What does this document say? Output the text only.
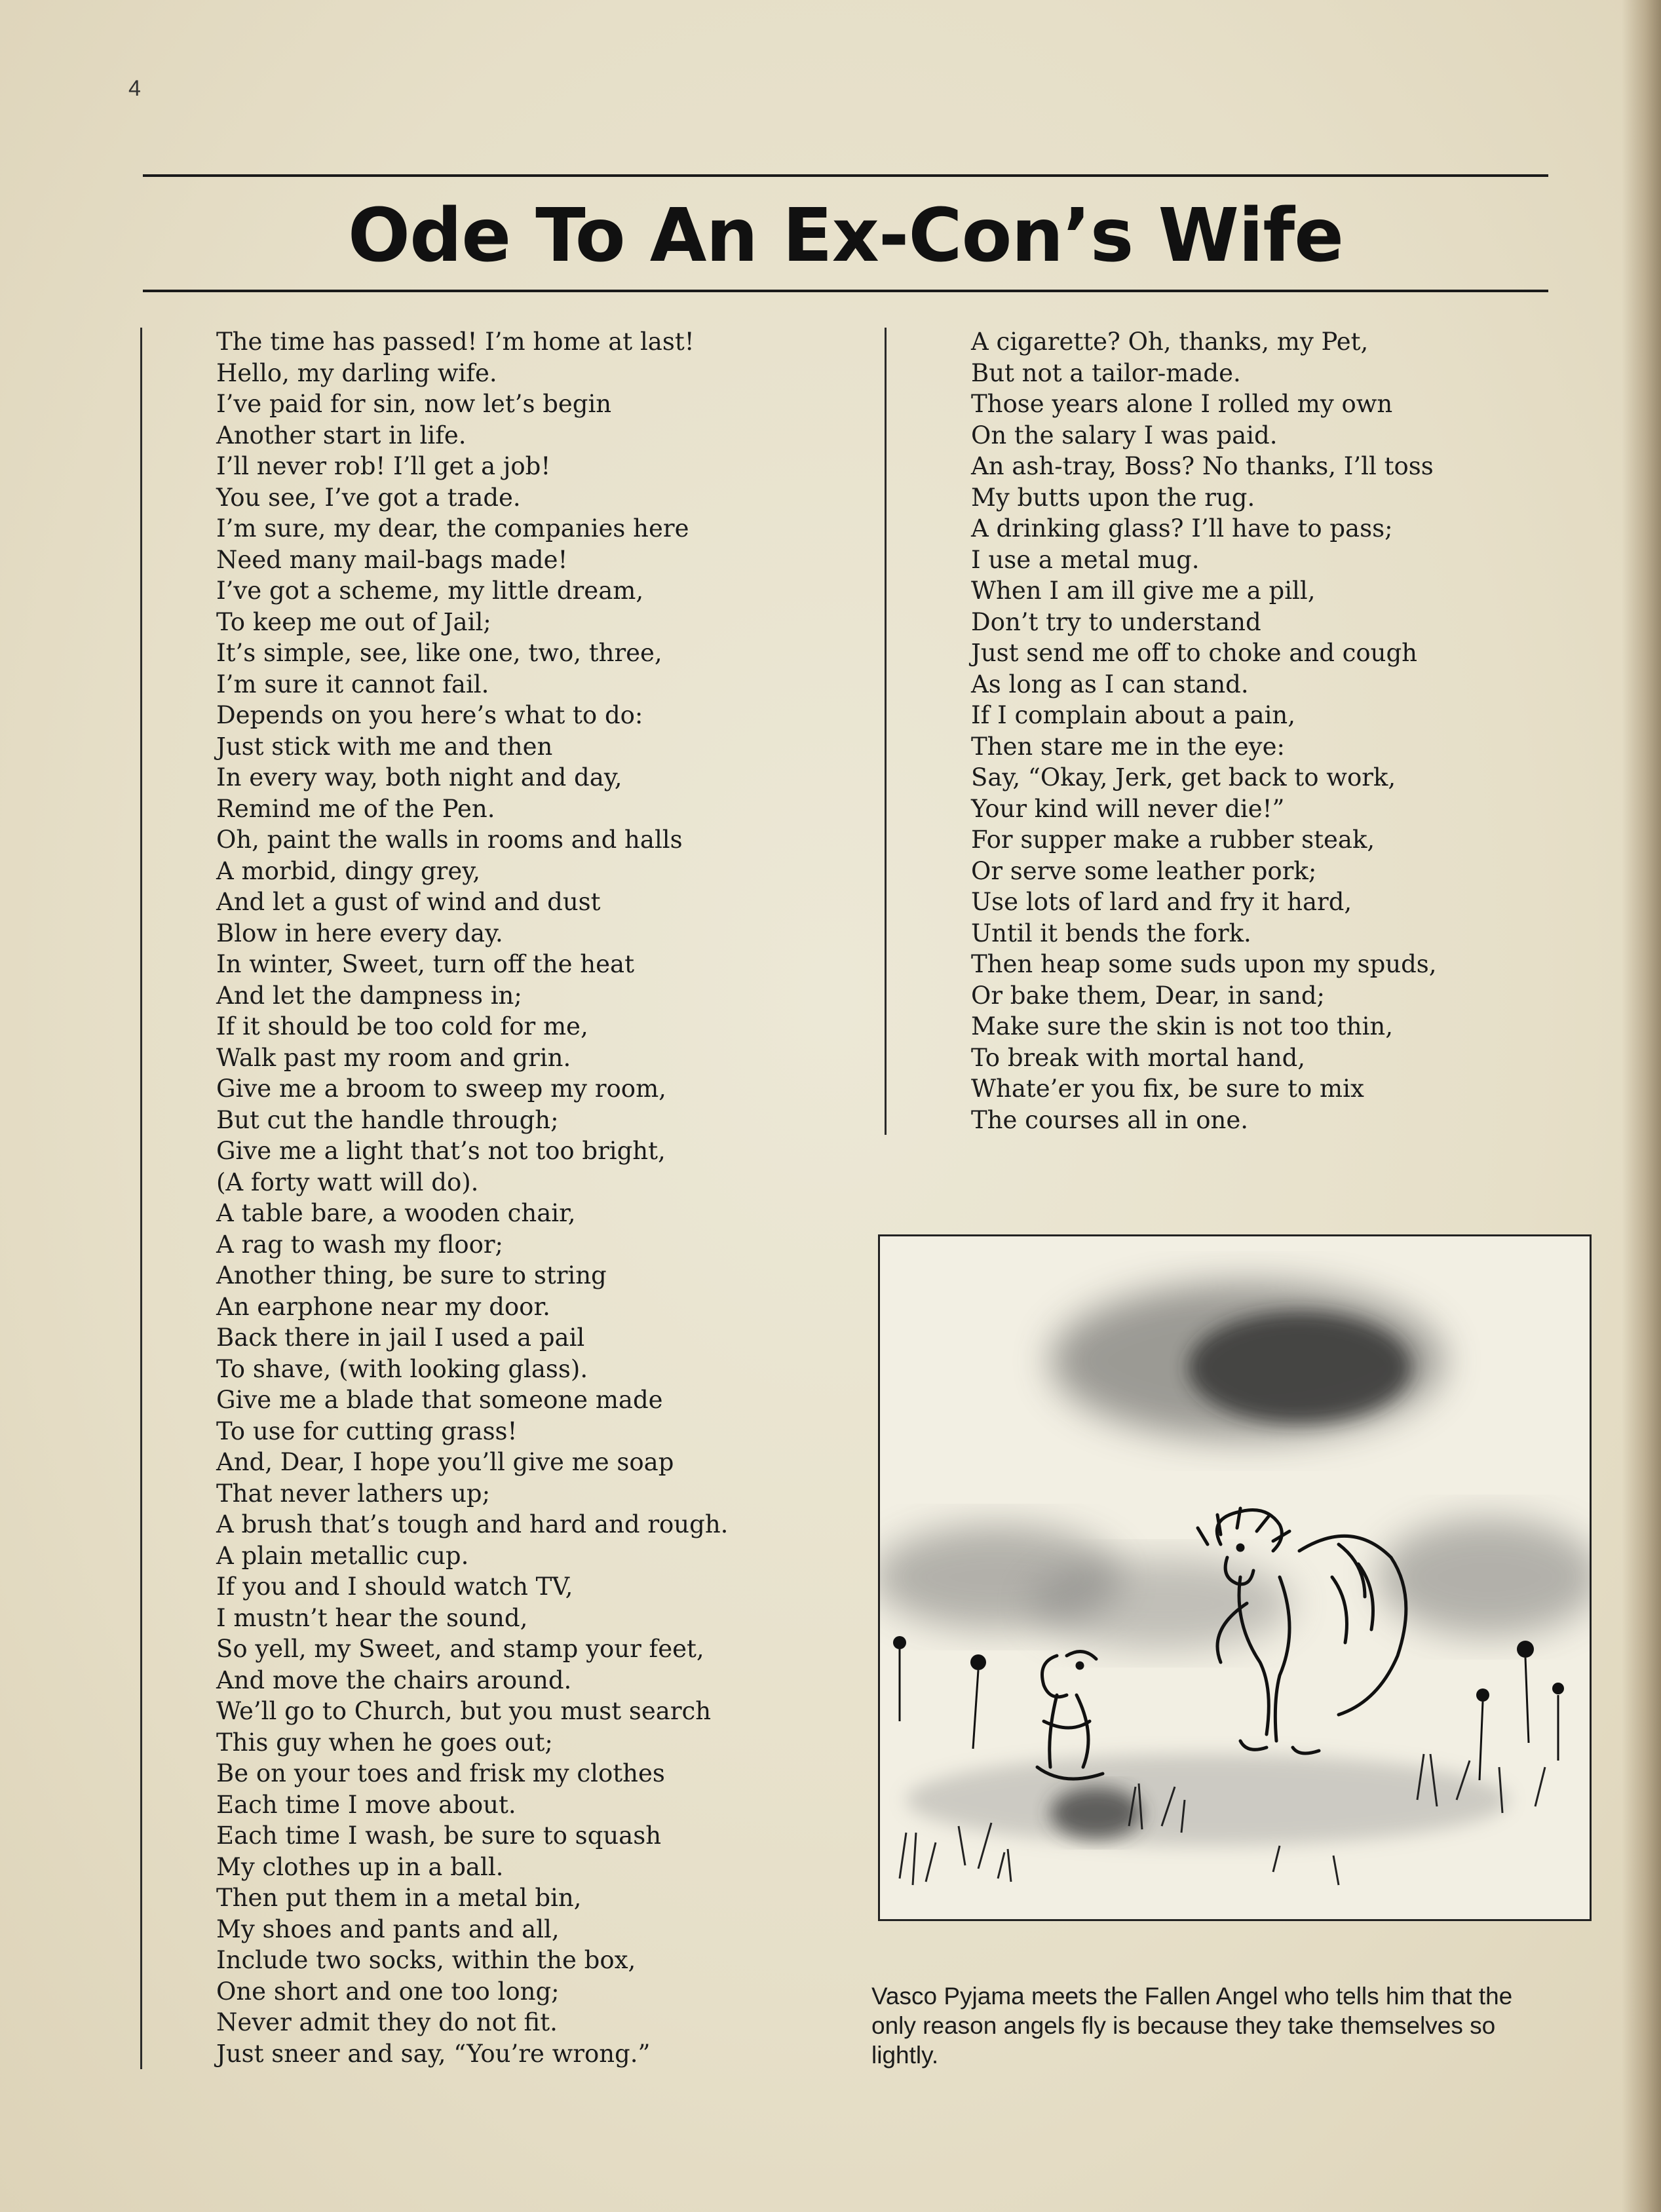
4
Ode To An Ex-Con’s Wife
The time has passed! I’m home at last!
Hello, my darling wife.
I’ve paid for sin, now let’s begin
Another start in life.
I’ll never rob! I’ll get a job!
You see, I’ve got a trade.
I’m sure, my dear, the companies here
Need many mail-bags made!
I’ve got a scheme, my little dream,
To keep me out of Jail;
It’s simple, see, like one, two, three,
I’m sure it cannot fail.
Depends on you here’s what to do:
Just stick with me and then
In every way, both night and day,
Remind me of the Pen.
Oh, paint the walls in rooms and halls
A morbid, dingy grey,
And let a gust of wind and dust
Blow in here every day.
In winter, Sweet, turn off the heat
And let the dampness in;
If it should be too cold for me,
Walk past my room and grin.
Give me a broom to sweep my room,
But cut the handle through;
Give me a light that’s not too bright,
(A forty watt will do).
A table bare, a wooden chair,
A rag to wash my floor;
Another thing, be sure to string
An earphone near my door.
Back there in jail I used a pail
To shave, (with looking glass).
Give me a blade that someone made
To use for cutting grass!
And, Dear, I hope you’ll give me soap
That never lathers up;
A brush that’s tough and hard and rough.
A plain metallic cup.
If you and I should watch TV,
I mustn’t hear the sound,
So yell, my Sweet, and stamp your feet,
And move the chairs around.
We’ll go to Church, but you must search
This guy when he goes out;
Be on your toes and frisk my clothes
Each time I move about.
Each time I wash, be sure to squash
My clothes up in a ball.
Then put them in a metal bin,
My shoes and pants and all,
Include two socks, within the box,
One short and one too long;
Never admit they do not fit.
Just sneer and say, “You’re wrong.”
A cigarette? Oh, thanks, my Pet,
But not a tailor-made.
Those years alone I rolled my own
On the salary I was paid.
An ash-tray, Boss? No thanks, I’ll toss
My butts upon the rug.
A drinking glass? I’ll have to pass;
I use a metal mug.
When I am ill give me a pill,
Don’t try to understand
Just send me off to choke and cough
As long as I can stand.
If I complain about a pain,
Then stare me in the eye:
Say, “Okay, Jerk, get back to work,
Your kind will never die!”
For supper make a rubber steak,
Or serve some leather pork;
Use lots of lard and fry it hard,
Until it bends the fork.
Then heap some suds upon my spuds,
Or bake them, Dear, in sand;
Make sure the skin is not too thin,
To break with mortal hand,
Whate’er you fix, be sure to mix
The courses all in one.

Vasco Pyjama meets the Fallen Angel who tells him that the only reason angels fly is because they take themselves so lightly.
